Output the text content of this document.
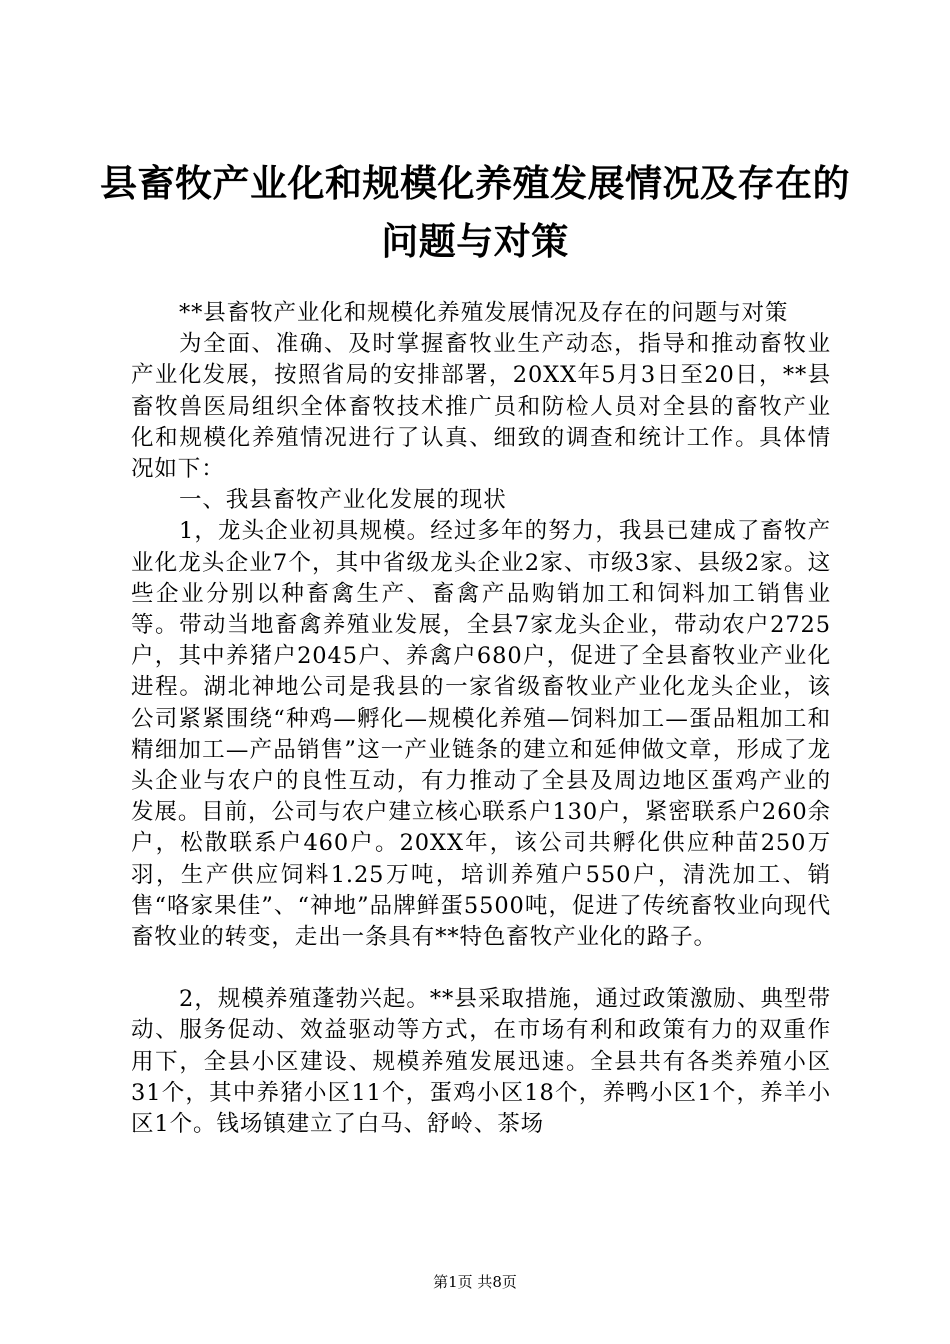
县畜牧产业化和规模化养殖发展情况及存在的
问题与对策

**县畜牧产业化和规模化养殖发展情况及存在的问题与对策

为全面、准确、及时掌握畜牧业生产动态，指导和推动畜牧业产业化发展，按照省局的安排部署，20XX年5月3日至20日，**县畜牧兽医局组织全体畜牧技术推广员和防检人员对全县的畜牧产业化和规模化养殖情况进行了认真、细致的调查和统计工作。具体情况如下：

一、我县畜牧产业化发展的现状

1，龙头企业初具规模。经过多年的努力，我县已建成了畜牧产业化龙头企业7个，其中省级龙头企业2家、市级3家、县级2家。这些企业分别以种畜禽生产、畜禽产品购销加工和饲料加工销售业等。带动当地畜禽养殖业发展，全县7家龙头企业，带动农户2725户，其中养猪户2045户、养禽户680户，促进了全县畜牧业产业化进程。湖北神地公司是我县的一家省级畜牧业产业化龙头企业，该公司紧紧围绕“种鸡—孵化—规模化养殖—饲料加工—蛋品粗加工和精细加工—产品销售”这一产业链条的建立和延伸做文章，形成了龙头企业与农户的良性互动，有力推动了全县及周边地区蛋鸡产业的发展。目前，公司与农户建立核心联系户130户，紧密联系户260余户，松散联系户460户。20XX年，该公司共孵化供应种苗250万羽，生产供应饲料1.25万吨，培训养殖户550户，清洗加工、销售“咯家果佳”、“神地”品牌鲜蛋5500吨，促进了传统畜牧业向现代畜牧业的转变，走出一条具有**特色畜牧产业化的路子。

2，规模养殖蓬勃兴起。**县采取措施，通过政策激励、典型带动、服务促动、效益驱动等方式，在市场有利和政策有力的双重作用下，全县小区建设、规模养殖发展迅速。全县共有各类养殖小区31个，其中养猪小区11个，蛋鸡小区18个，养鸭小区1个，养羊小区1个。钱场镇建立了白马、舒岭、茶场

第1页 共8页
